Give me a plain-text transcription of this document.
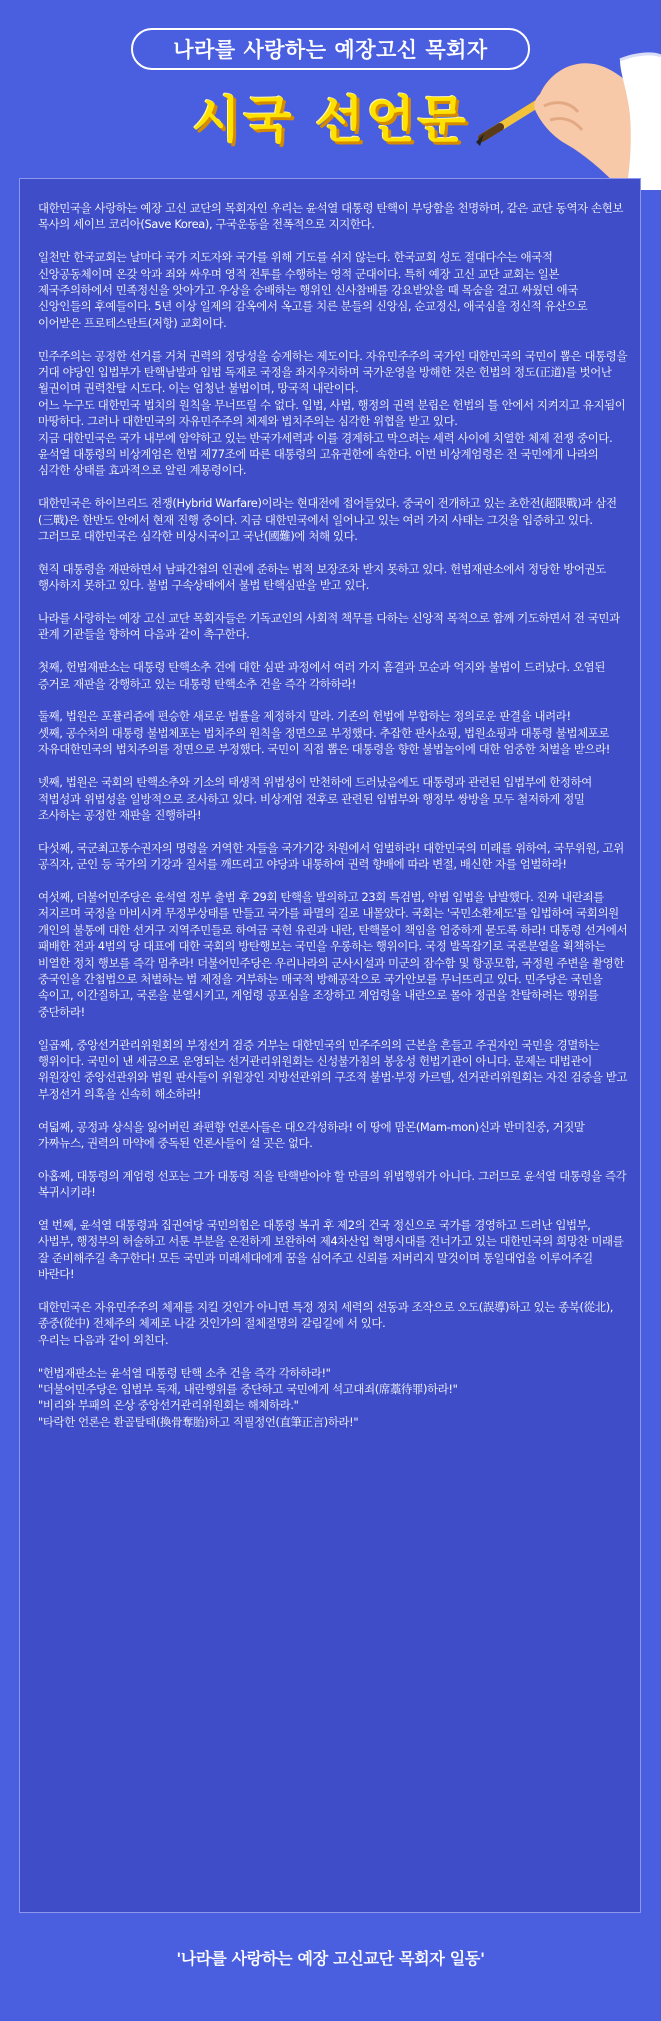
나라를 사랑하는 예장고신 목회자
시국 선언문

대한민국을 사랑하는 예장 고신 교단의 목회자인 우리는 윤석열 대통령 탄핵이 부당함을 천명하며, 같은 교단 동역자 손현보 목사의 세이브 코리아(Save Korea), 구국운동을 전폭적으로 지지한다.

일천만 한국교회는 날마다 국가 지도자와 국가를 위해 기도를 쉬지 않는다. 한국교회 성도 절대다수는 애국적 신앙공동체이며 온갖 악과 죄와 싸우며 영적 전투를 수행하는 영적 군대이다. 특히 예장 고신 교단 교회는 일본 제국주의하에서 민족정신을 앗아가고 우상을 숭배하는 행위인 신사참배를 강요받았을 때 목숨을 걸고 싸웠던 애국 신앙인들의 후예들이다. 5년 이상 일제의 감옥에서 옥고를 치른 분들의 신앙심, 순교정신, 애국심을 정신적 유산으로 이어받은 프로테스탄트(저항) 교회이다.

민주주의는 공정한 선거를 거쳐 권력의 정당성을 승계하는 제도이다. 자유민주주의 국가인 대한민국의 국민이 뽑은 대통령을 거대 야당인 입법부가 탄핵남발과 입법 독재로 국정을 좌지우지하며 국가운영을 방해한 것은 헌법의 정도(正道)를 벗어난 월권이며 권력찬탈 시도다. 이는 엄청난 불법이며, 망국적 내란이다.

어느 누구도 대한민국 법치의 원칙을 무너뜨릴 수 없다. 입법, 사법, 행정의 권력 분립은 헌법의 틀 안에서 지켜지고 유지됨이 마땅하다. 그러나 대한민국의 자유민주주의 체제와 법치주의는 심각한 위협을 받고 있다.

지금 대한민국은 국가 내부에 암약하고 있는 반국가세력과 이를 경계하고 막으려는 세력 사이에 치열한 체제 전쟁 중이다. 윤석열 대통령의 비상계엄은 헌법 제77조에 따른 대통령의 고유권한에 속한다. 이번 비상계엄령은 전 국민에게 나라의 심각한 상태를 효과적으로 알린 계몽령이다.

대한민국은 하이브리드 전쟁(Hybrid Warfare)이라는 현대전에 접어들었다. 중국이 전개하고 있는 초한전(超限戰)과 삼전(三戰)은 한반도 안에서 현재 진행 중이다. 지금 대한민국에서 일어나고 있는 여러 가지 사태는 그것을 입증하고 있다. 그러므로 대한민국은 심각한 비상시국이고 국난(國難)에 처해 있다.

현직 대통령을 재판하면서 남파간첩의 인권에 준하는 법적 보장조차 받지 못하고 있다. 헌법재판소에서 정당한 방어권도 행사하지 못하고 있다. 불법 구속상태에서 불법 탄핵심판을 받고 있다.

나라를 사랑하는 예장 고신 교단 목회자들은 기독교인의 사회적 책무를 다하는 신앙적 목적으로 함께 기도하면서 전 국민과 관계 기관들을 향하여 다음과 같이 촉구한다.

첫째, 헌법재판소는 대통령 탄핵소추 건에 대한 심판 과정에서 여러 가지 흠결과 모순과 억지와 불법이 드러났다. 오염된 증거로 재판을 강행하고 있는 대통령 탄핵소추 건을 즉각 각하하라!

둘째, 법원은 포퓰리즘에 편승한 새로운 법률을 제정하지 말라. 기존의 헌법에 부합하는 정의로운 판결을 내려라!

셋째, 공수처의 대통령 불법체포는 법치주의 원칙을 정면으로 부정했다. 추잡한 판사쇼핑, 법원쇼핑과 대통령 불법체포로 자유대한민국의 법치주의를 정면으로 부정했다. 국민이 직접 뽑은 대통령을 향한 불법놀이에 대한 엄중한 처벌을 받으라!

넷째, 법원은 국회의 탄핵소추와 기소의 태생적 위법성이 만천하에 드러났음에도 대통령과 관련된 입법부에 한정하여 적법성과 위법성을 일방적으로 조사하고 있다. 비상계엄 전후로 관련된 입법부와 행정부 쌍방을 모두 철저하게 정밀 조사하는 공정한 재판을 진행하라!

다섯째, 국군최고통수권자의 명령을 거역한 자들을 국가기강 차원에서 엄벌하라! 대한민국의 미래를 위하여, 국무위원, 고위 공직자, 군인 등 국가의 기강과 질서를 깨뜨리고 야당과 내통하여 권력 향배에 따라 변절, 배신한 자를 엄벌하라!

여섯째, 더불어민주당은 윤석열 정부 출범 후 29회 탄핵을 발의하고 23회 특검법, 악법 입법을 남발했다. 진짜 내란죄를 저지르며 국정을 마비시켜 무정부상태를 만들고 국가를 파멸의 길로 내몰았다. 국회는 '국민소환제도'를 입법하여 국회의원 개인의 불통에 대한 선거구 지역주민들로 하여금 국헌 유린과 내란, 탄핵몰이 책임을 엄중하게 묻도록 하라! 대통령 선거에서 패배한 전과 4범의 당 대표에 대한 국회의 방탄행보는 국민을 우롱하는 행위이다. 국정 발목잡기로 국론분열을 획책하는 비열한 정치 행보를 즉각 멈추라! 더불어민주당은 우리나라의 군사시설과 미군의 잠수함 및 항공모함, 국정원 주변을 촬영한 중국인을 간첩법으로 처벌하는 법 제정을 거부하는 매국적 방해공작으로 국가안보를 무너뜨리고 있다. 민주당은 국민을 속이고, 이간질하고, 국론을 분열시키고, 계엄령 공포심을 조장하고 계엄령을 내란으로 몰아 정권을 찬탈하려는 행위를 중단하라!

일곱째, 중앙선거관리위원회의 부정선거 검증 거부는 대한민국의 민주주의의 근본을 흔들고 주권자인 국민을 경멸하는 행위이다. 국민이 낸 세금으로 운영되는 선거관리위원회는 신성불가침의 봉웅성 헌법기관이 아니다. 문제는 대법관이 위원장인 중앙선관위와 법원 판사들이 위원장인 지방선관위의 구조적 불법·부정 카르텔, 선거관리위원회는 자진 검증을 받고 부정선거 의혹을 신속히 해소하라!

여덟째, 공정과 상식을 잃어버린 좌편향 언론사들은 대오각성하라! 이 땅에 맘몬(Mam-mon)신과 반미친중, 거짓말 가짜뉴스, 권력의 마약에 중독된 언론사들이 설 곳은 없다.

아홉째, 대통령의 계엄령 선포는 그가 대통령 직을 탄핵받아야 할 만큼의 위법행위가 아니다. 그러므로 윤석열 대통령을 즉각 복귀시키라!

열 번째, 윤석열 대통령과 집권여당 국민의힘은 대통령 복귀 후 제2의 건국 정신으로 국가를 경영하고 드러난 입법부, 사법부, 행정부의 허술하고 서툰 부분을 온전하게 보완하여 제4차산업 혁명시대를 건너가고 있는 대한민국의 희망찬 미래를 잘 준비해주길 촉구한다! 모든 국민과 미래세대에게 꿈을 심어주고 신뢰를 저버리지 말것이며 통일대업을 이루어주길 바란다!

대한민국은 자유민주주의 체제를 지킬 것인가 아니면 특정 정치 세력의 선동과 조작으로 오도(誤導)하고 있는 종북(從北), 종중(從中) 전체주의 체제로 나갈 것인가의 절체절명의 갈림길에 서 있다.

우리는 다음과 같이 외친다.

"헌법재판소는 윤석열 대통령 탄핵 소추 건을 즉각 각하하라!"
"더불어민주당은 입법부 독재, 내란행위를 중단하고 국민에게 석고대죄(席藁待罪)하라!"
"비리와 부패의 온상 중앙선거관리위원회는 해체하라."
"타락한 언론은 환골탈태(換骨奪胎)하고 직필정언(直筆正言)하라!"
'나라를 사랑하는 예장 고신교단 목회자 일동'
